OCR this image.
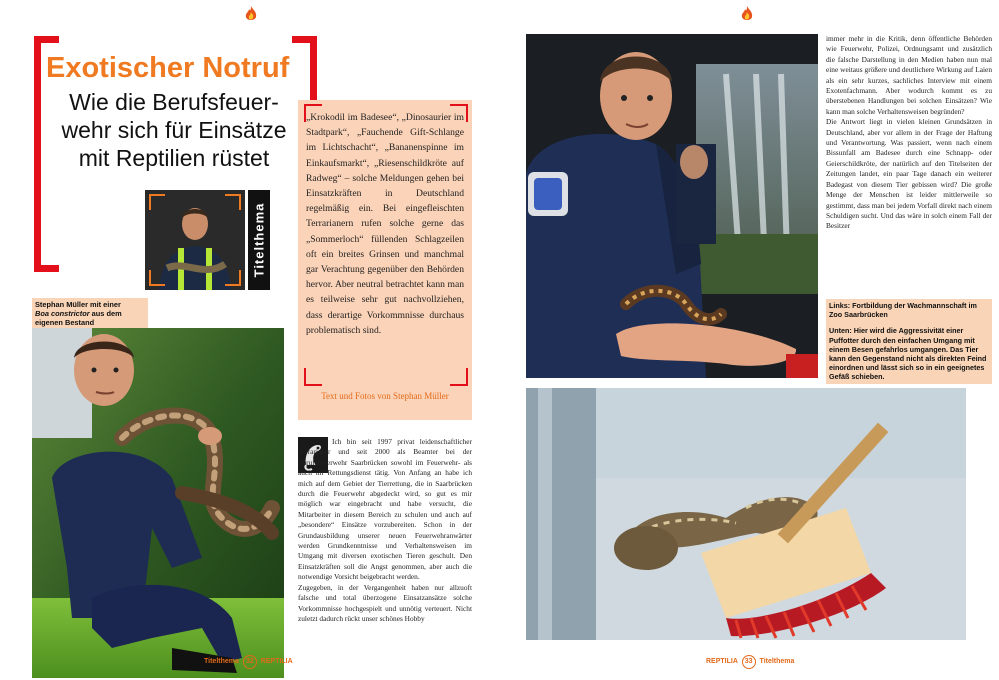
Exotischer Notruf
Wie die Berufsfeuer-
wehr sich für Einsätze
mit Reptilien rüstet
Titelthema
Stephan Müller mit einer
Boa constrictor aus dem
eigenen Bestand

„Krokodil im Badesee“, „Dinosaurier im Stadtpark“, „Fauchende Gift-Schlange im Lichtschacht“, „Bananenspinne im Einkaufsmarkt“, „Riesenschildkröte auf Radweg“ – solche Meldungen gehen bei Einsatzkräften in Deutschland regelmäßig ein. Bei eingefleischten Terrarianern rufen solche gerne das „Sommerloch“ füllenden Schlagzeilen oft ein breites Grinsen und manchmal gar Verachtung gegenüber den Behörden hervor. Aber neutral betrachtet kann man es teilweise sehr gut nachvollziehen, dass derartige Vorkommnisse durchaus problematisch sind.

Text und Fotos von Stephan Müller

Ich bin seit 1997 privat leidenschaftlicher Terrarianer und seit 2000 als Beamter bei der Berufsfeuerwehr Saarbrücken sowohl im Feuerwehr- als auch im Rettungsdienst tätig. Von Anfang an habe ich mich auf dem Gebiet der Tierrettung, die in Saarbrücken durch die Feuerwehr abgedeckt wird, so gut es mir möglich war eingebracht und habe versucht, die Mitarbeiter in diesem Bereich zu schulen und auch auf „besondere“ Einsätze vorzubereiten. Schon in der Grundausbildung unserer neuen Feuerwehranwärter werden Grundkenntnisse und Verhaltensweisen im Umgang mit diversen exotischen Tieren geschult. Den Einsatzkräften soll die Angst genommen, aber auch die notwendige Vorsicht beigebracht werden.

Zugegeben, in der Vergangenheit haben nur allzuoft falsche und total überzogene Einsatzansätze solche Vorkommnisse hochgespielt und unnötig verteuert. Nicht zuletzt dadurch rückt unser schönes Hobby

Titelthema 32 REPTILIA

immer mehr in die Kritik, denn öffentliche Behörden wie Feuerwehr, Polizei, Ordnungsamt und zusätzlich die falsche Darstellung in den Medien haben nun mal eine weitaus größere und deutlichere Wirkung auf Laien als ein sehr kurzes, sachliches Interview mit einem Exotenfachmann. Aber wodurch kommt es zu überstebenen Handlungen bei solchen Einsätzen? Wie kann man solche Verhaltensweisen begründen?

Die Antwort liegt in vielen kleinen Grundsätzen in Deutschland, aber vor allem in der Frage der Haftung und Verantwortung. Was passiert, wenn nach einem Bissunfall am Badesee durch eine Schnapp- oder Geierschildkröte, der natürlich auf den Titelseiten der Zeitungen landet, ein paar Tage danach ein weiterer Badegast von diesem Tier gebissen wird? Die große Menge der Menschen ist leider mittlerweile so gestimmt, dass man bei jedem Vorfall direkt nach einem Schuldigen sucht. Und das wäre in solch einem Fall der Besitzer

Links: Fortbildung der Wachmannschaft im Zoo Saarbrücken

Unten: Hier wird die Aggressivität einer Puffotter durch den einfachen Umgang mit einem Besen gefahrlos umgangen. Das Tier kann den Gegenstand nicht als direkten Feind einordnen und lässt sich so in ein geeignetes Gefäß schieben.

REPTILIA 33 Titelthema
